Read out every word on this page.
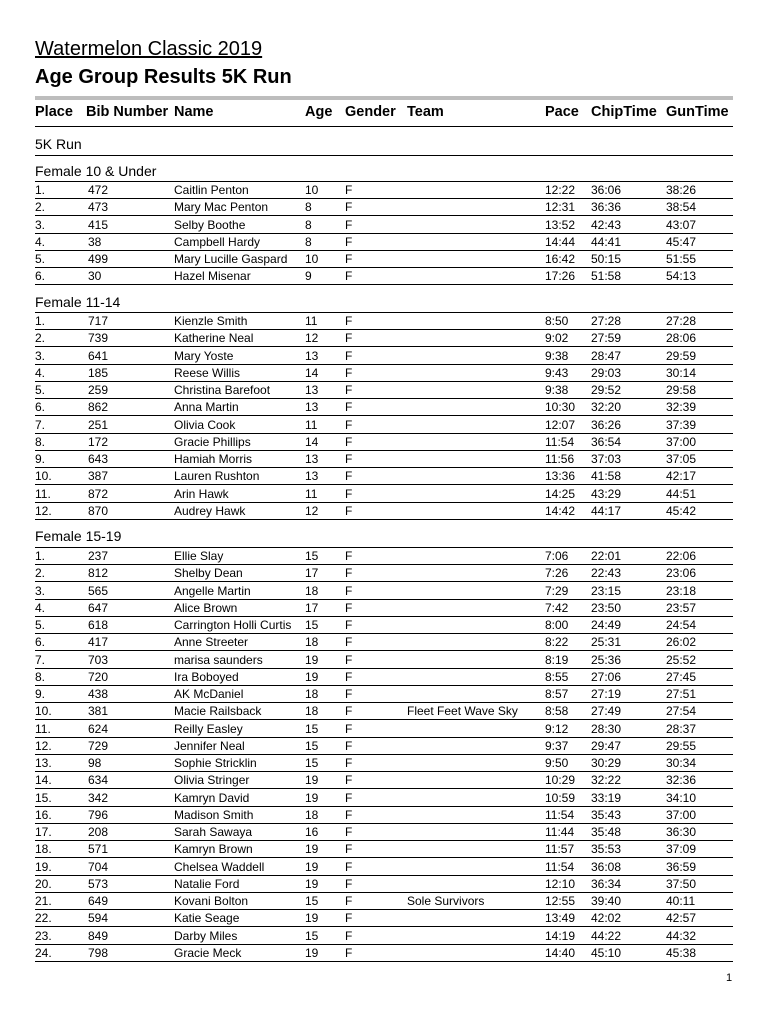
Watermelon Classic 2019
Age Group Results 5K Run
Place Bib Number Name	Age Gender Team	Pace ChipTime GunTime
5K Run
Female 10 & Under
1.	472	Caitlin Penton	10 F	12:22 36:06	38:26
2.	473	Mary Mac Penton	8	F	12:31 36:36	38:54
3.	415	Selby Boothe	8	F	13:52 42:43	43:07
4.	38	Campbell Hardy	8	F	14:44 44:41	45:47
5.	499	Mary Lucille Gaspard 10 F	16:42 50:15	51:55
6.	30	Hazel Misenar	9	F	17:26 51:58	54:13
Female 11-14
1.	717	Kienzle Smith	11 F	8:50 27:28	27:28
2.	739	Katherine Neal	12 F	9:02 27:59	28:06
3.	641	Mary Yoste	13 F	9:38 28:47	29:59
4.	185	Reese Willis	14 F	9:43 29:03	30:14
5.	259	Christina Barefoot	13 F	9:38 29:52	29:58
6.	862	Anna Martin	13 F	10:30 32:20	32:39
7.	251	Olivia Cook	11 F	12:07 36:26	37:39
8.	172	Gracie Phillips	14 F	11:54 36:54	37:00
9.	643	Hamiah Morris	13 F	11:56 37:03	37:05
10.	387	Lauren Rushton	13 F	13:36 41:58	42:17
11.	872	Arin Hawk	11 F	14:25 43:29	44:51
12.	870	Audrey Hawk	12 F	14:42 44:17	45:42
Female 15-19
1.	237	Ellie Slay	15 F	7:06 22:01	22:06
2.	812	Shelby Dean	17 F	7:26 22:43	23:06
3.	565	Angelle Martin	18 F	7:29 23:15	23:18
4.	647	Alice Brown	17 F	7:42 23:50	23:57
5.	618	Carrington Holli Curtis 15 F	8:00 24:49	24:54
6.	417	Anne Streeter	18 F	8:22 25:31	26:02
7.	703	marisa saunders	19 F	8:19 25:36	25:52
8.	720	Ira Boboyed	19 F	8:55 27:06	27:45
9.	438	AK McDaniel	18 F	8:57 27:19	27:51
10.	381	Macie Railsback	18 F	Fleet Feet Wave Sky 8:58 27:49	27:54
11.	624	Reilly Easley	15 F	9:12 28:30	28:37
12.	729	Jennifer Neal	15 F	9:37 29:47	29:55
13.	98	Sophie Stricklin	15 F	9:50 30:29	30:34
14.	634	Olivia Stringer	19 F	10:29 32:22	32:36
15.	342	Kamryn David	19 F	10:59 33:19	34:10
16.	796	Madison Smith	18 F	11:54 35:43	37:00
17.	208	Sarah Sawaya	16 F	11:44 35:48	36:30
18.	571	Kamryn Brown	19 F	11:57 35:53	37:09
19.	704	Chelsea Waddell	19 F	11:54 36:08	36:59
20.	573	Natalie Ford	19 F	12:10 36:34	37:50
21.	649	Kovani Bolton	15 F	Sole Survivors	12:55 39:40	40:11
22.	594	Katie Seage	19 F	13:49 42:02	42:57
23.	849	Darby Miles	15 F	14:19 44:22	44:32
24.	798	Gracie Meck	19 F	14:40 45:10	45:38
1
